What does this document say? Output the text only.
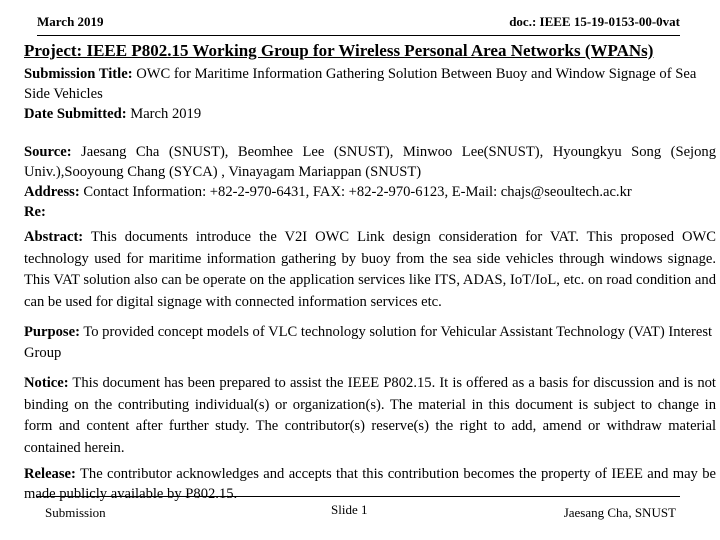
March 2019	doc.: IEEE 15-19-0153-00-0vat
Project: IEEE P802.15 Working Group for Wireless Personal Area Networks (WPANs)

Submission Title: OWC for Maritime Information Gathering Solution Between Buoy and Window Signage of Sea Side Vehicles

Date Submitted: March 2019

Source: Jaesang Cha (SNUST), Beomhee Lee (SNUST), Minwoo Lee(SNUST), Hyoungkyu Song (Sejong Univ.),Sooyoung Chang (SYCA) , Vinayagam Mariappan (SNUST)

Address: Contact Information: +82-2-970-6431, FAX: +82-2-970-6123, E-Mail: chajs@seoultech.ac.kr

Re:

Abstract: This documents introduce the V2I OWC Link design consideration for VAT. This proposed OWC technology used for maritime information gathering by buoy from the sea side vehicles through windows signage. This VAT solution also can be operate on the application services like ITS, ADAS, IoT/IoL, etc. on road condition and can be used for digital signage with connected information services etc.

Purpose: To provided concept models of VLC technology solution for Vehicular Assistant Technology (VAT) Interest Group

Notice: This document has been prepared to assist the IEEE P802.15. It is offered as a basis for discussion and is not binding on the contributing individual(s) or organization(s). The material in this document is subject to change in form and content after further study. The contributor(s) reserve(s) the right to add, amend or withdraw material contained herein.

Release: The contributor acknowledges and accepts that this contribution becomes the property of IEEE and may be made publicly available by P802.15.

Submission	Slide 1	Jaesang Cha, SNUST
